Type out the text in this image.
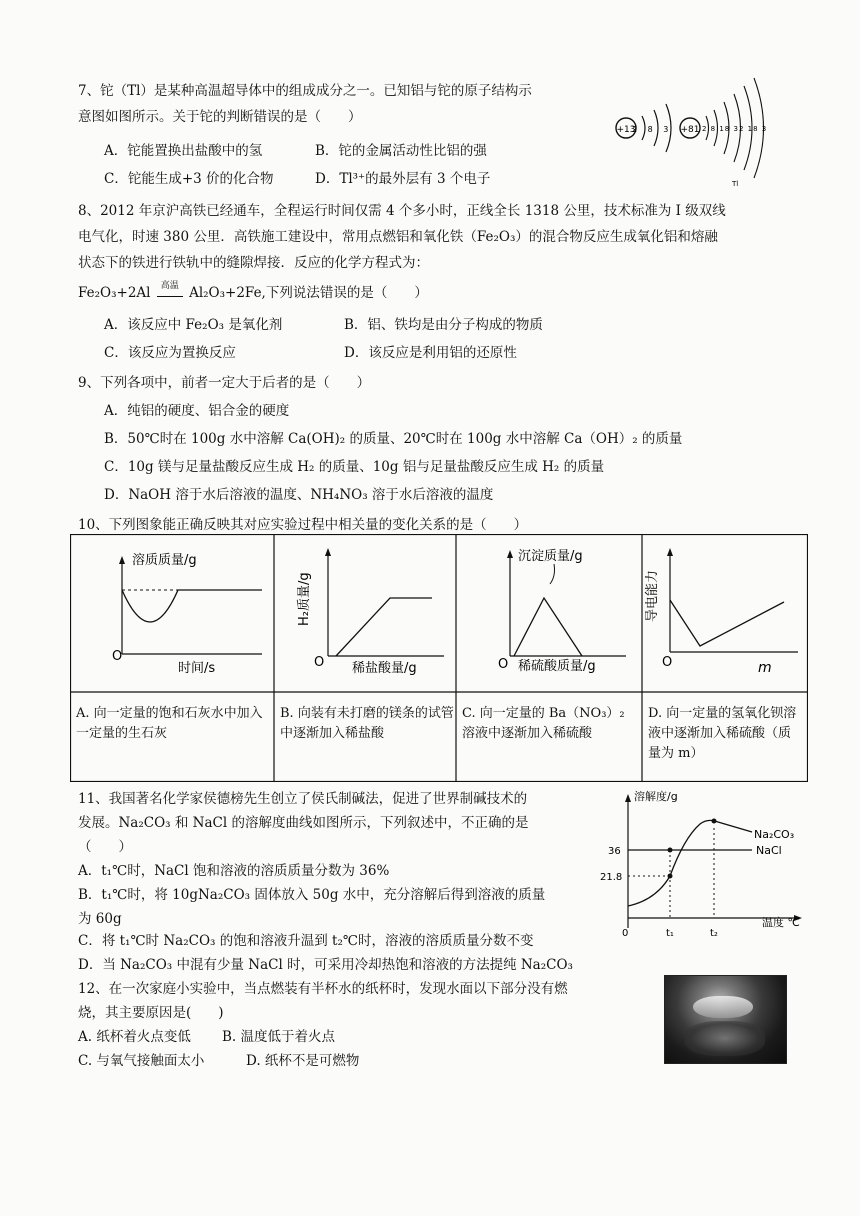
7、铊（Tl）是某种高温超导体中的组成成分之一。已知铝与铊的原子结构示
意图如图所示。关于铊的判断错误的是（　　）
A．铊能置换出盐酸中的氢	B．铊的金属活动性比铝的强
C．铊能生成+3 价的化合物	D．Tl³⁺的最外层有 3 个电子
+13
2 8 3 +81 2 8 18 32 18 3
Tl
8、2012 年京沪高铁已经通车，全程运行时间仅需 4 个多小时，正线全长 1318 公里，技术标准为 I 级双线
电气化，时速 380 公里．高铁施工建设中，常用点燃铝和氧化铁（Fe₂O₃）的混合物反应生成氧化铝和熔融
状态下的铁进行铁轨中的缝隙焊接．反应的化学方程式为：
Fe₂O₃+2Al	高温 Al₂O₃+2Fe,下列说法错误的是（　　）
A．该反应中 Fe₂O₃ 是氧化剂	B．铝、铁均是由分子构成的物质
C．该反应为置换反应	D．该反应是利用铝的还原性
9、下列各项中，前者一定大于后者的是（　　）
A．纯铝的硬度、铝合金的硬度
B．50℃时在 100g 水中溶解 Ca(OH)₂ 的质量、20℃时在 100g 水中溶解 Ca（OH）₂ 的质量
C．10g 镁与足量盐酸反应生成 H₂ 的质量、10g 铝与足量盐酸反应生成 H₂ 的质量
D．NaOH 溶于水后溶液的温度、NH₄NO₃ 溶于水后溶液的温度
10、下列图象能正确反映其对应实验过程中相关量的变化关系的是（　　）
溶质质量/g
时间/s
O
H₂质量/g
稀盐酸量/g
O
沉淀质量/g
稀硫酸质量/g
O
导电能力
m
O
A. 向一定量的饱和石灰水中加入一定量的生石灰
B. 向装有未打磨的镁条的试管中逐渐加入稀盐酸
C. 向一定量的 Ba（NO₃）₂ 溶液中逐渐加入稀硫酸
D. 向一定量的氢氧化钡溶液中逐渐加入稀硫酸（质量为 m）
11、我国著名化学家侯德榜先生创立了侯氏制碱法，促进了世界制碱技术的
发展。Na₂CO₃ 和 NaCl 的溶解度曲线如图所示，下列叙述中，不正确的是
（　　）
A．t₁℃时，NaCl 饱和溶液的溶质质量分数为 36%
B．t₁℃时，将 10gNa₂CO₃ 固体放入 50g 水中，充分溶解后得到溶液的质量
为 60g
C．将 t₁℃时 Na₂CO₃ 的饱和溶液升温到 t₂℃时，溶液的溶质质量分数不变
D．当 Na₂CO₃ 中混有少量 NaCl 时，可采用冷却热饱和溶液的方法提纯 Na₂CO₃
溶解度/g
温度 ℃
36
21.8
t₁	t₂
0
Na₂CO₃
NaCl
12、在一次家庭小实验中，当点燃装有半杯水的纸杯时，发现水面以下部分没有燃
烧，其主要原因是(　　)
A. 纸杯着火点变低 B. 温度低于着火点
C. 与氧气接触面太小	D. 纸杯不是可燃物
